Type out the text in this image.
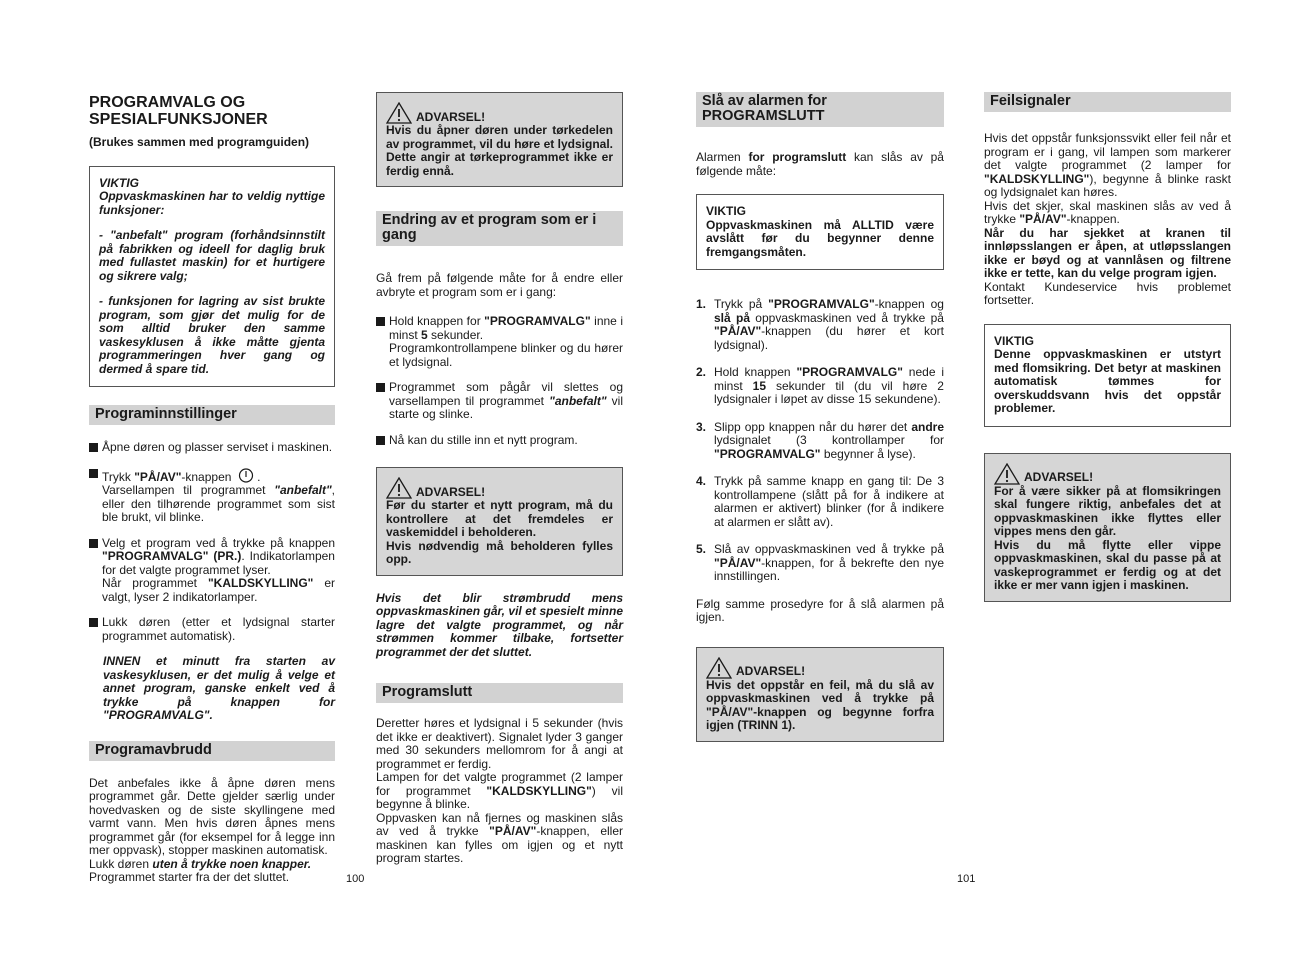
PROGRAMVALG OG SPESIALFUNKSJONER
(Brukes sammen med programguiden)

VIKTIG

Oppvaskmaskinen har to veldig nyttige funksjoner:

- "anbefalt" program (forhåndsinnstilt på fabrikken og ideell for daglig bruk med fullastet maskin) for et hurtigere og sikrere valg;

- funksjonen for lagring av sist brukte program, som gjør det mulig for de som alltid bruker den samme vaskesyklusen å ikke måtte gjenta programmeringen hver gang og dermed å spare tid.

Programinnstillinger
Åpne døren og plasser serviset i maskinen.
Trykk "PÅ/AV"-knappen  .
Varsellampen til programmet "anbefalt", eller den tilhørende programmet som sist ble brukt, vil blinke.
Velg et program ved å trykke på knappen "PROGRAMVALG" (PR.). Indikatorlampen for det valgte programmet lyser.
Når programmet "KALDSKYLLING" er valgt, lyser 2 indikatorlamper.
Lukk døren (etter et lydsignal starter programmet automatisk).

INNEN et minutt fra starten av vaskesyklusen, er det mulig å velge et annet program, ganske enkelt ved å trykke på knappen for "PROGRAMVALG".

Programavbrudd

Det anbefales ikke å åpne døren mens programmet går. Dette gjelder særlig under hovedvasken og de siste skyllingene med varmt vann. Men hvis døren åpnes mens programmet går (for eksempel for å legge inn mer oppvask), stopper maskinen automatisk.
Lukk døren uten å trykke noen knapper.
Programmet starter fra der det sluttet.

ADVARSEL!

Hvis du åpner døren under tørkedelen av programmet, vil du høre et lydsignal. Dette angir at tørkeprogrammet ikke er ferdig ennå.

Endring av et program som er i gang

Gå frem på følgende måte for å endre eller avbryte et program som er i gang:

Hold knappen for "PROGRAMVALG" inne i minst 5 sekunder.
Programkontrollampene blinker og du hører et lydsignal.
Programmet som pågår vil slettes og varsellampen til programmet "anbefalt" vil starte og slinke.
Nå kan du stille inn et nytt program.
ADVARSEL!

Før du starter et nytt program, må du kontrollere at det fremdeles er vaskemiddel i beholderen.

Hvis nødvendig må beholderen fylles opp.

Hvis det blir strømbrudd mens oppvaskmaskinen går, vil et spesielt minne lagre det valgte programmet, og når strømmen kommer tilbake, fortsetter programmet der det sluttet.

Programslutt

Deretter høres et lydsignal i 5 sekunder (hvis det ikke er deaktivert). Signalet lyder 3 ganger med 30 sekunders mellomrom for å angi at programmet er ferdig.
Lampen for det valgte programmet (2 lamper for programmet "KALDSKYLLING") vil begynne å blinke.
Oppvasken kan nå fjernes og maskinen slås av ved å trykke "PÅ/AV"-knappen, eller maskinen kan fylles om igjen og et nytt program startes.

Slå av alarmen for PROGRAMSLUTT

Alarmen for programslutt kan slås av på følgende måte:

VIKTIG

Oppvaskmaskinen må ALLTID være avslått før du begynner denne fremgangsmåten.

1. Trykk på "PROGRAMVALG"-knappen og slå på oppvaskmaskinen ved å trykke på "PÅ/AV"-knappen (du hører et kort lydsignal).
2. Hold knappen "PROGRAMVALG" nede i minst 15 sekunder til (du vil høre 2 lydsignaler i løpet av disse 15 sekundene).
3. Slipp opp knappen når du hører det andre lydsignalet (3 kontrollamper for "PROGRAMVALG" begynner å lyse).
4. Trykk på samme knapp en gang til: De 3 kontrollampene (slått på for å indikere at alarmen er aktivert) blinker (for å indikere at alarmen er slått av).
5. Slå av oppvaskmaskinen ved å trykke på "PÅ/AV"-knappen, for å bekrefte den nye innstillingen.

Følg samme prosedyre for å slå alarmen på igjen.

ADVARSEL!

Hvis det oppstår en feil, må du slå av oppvaskmaskinen ved å trykke på "PÅ/AV"-knappen og begynne forfra igjen (TRINN 1).

Feilsignaler

Hvis det oppstår funksjonssvikt eller feil når et program er i gang, vil lampen som markerer det valgte programmet (2 lamper for "KALDSKYLLING"), begynne å blinke raskt og lydsignalet kan høres.
Hvis det skjer, skal maskinen slås av ved å trykke "PÅ/AV"-knappen.
Når du har sjekket at kranen til innløpsslangen er åpen, at utløpsslangen ikke er bøyd og at vannlåsen og filtrene ikke er tette, kan du velge program igjen.
Kontakt Kundeservice hvis problemet fortsetter.

VIKTIG

Denne oppvaskmaskinen er utstyrt med flomsikring. Det betyr at maskinen automatisk tømmes for overskuddsvann hvis det oppstår problemer.

ADVARSEL!

For å være sikker på at flomsikringen skal fungere riktig, anbefales det at oppvaskmaskinen ikke flyttes eller vippes mens den går.

Hvis du må flytte eller vippe oppvaskmaskinen, skal du passe på at vaskeprogrammet er ferdig og at det ikke er mer vann igjen i maskinen.

100	101
